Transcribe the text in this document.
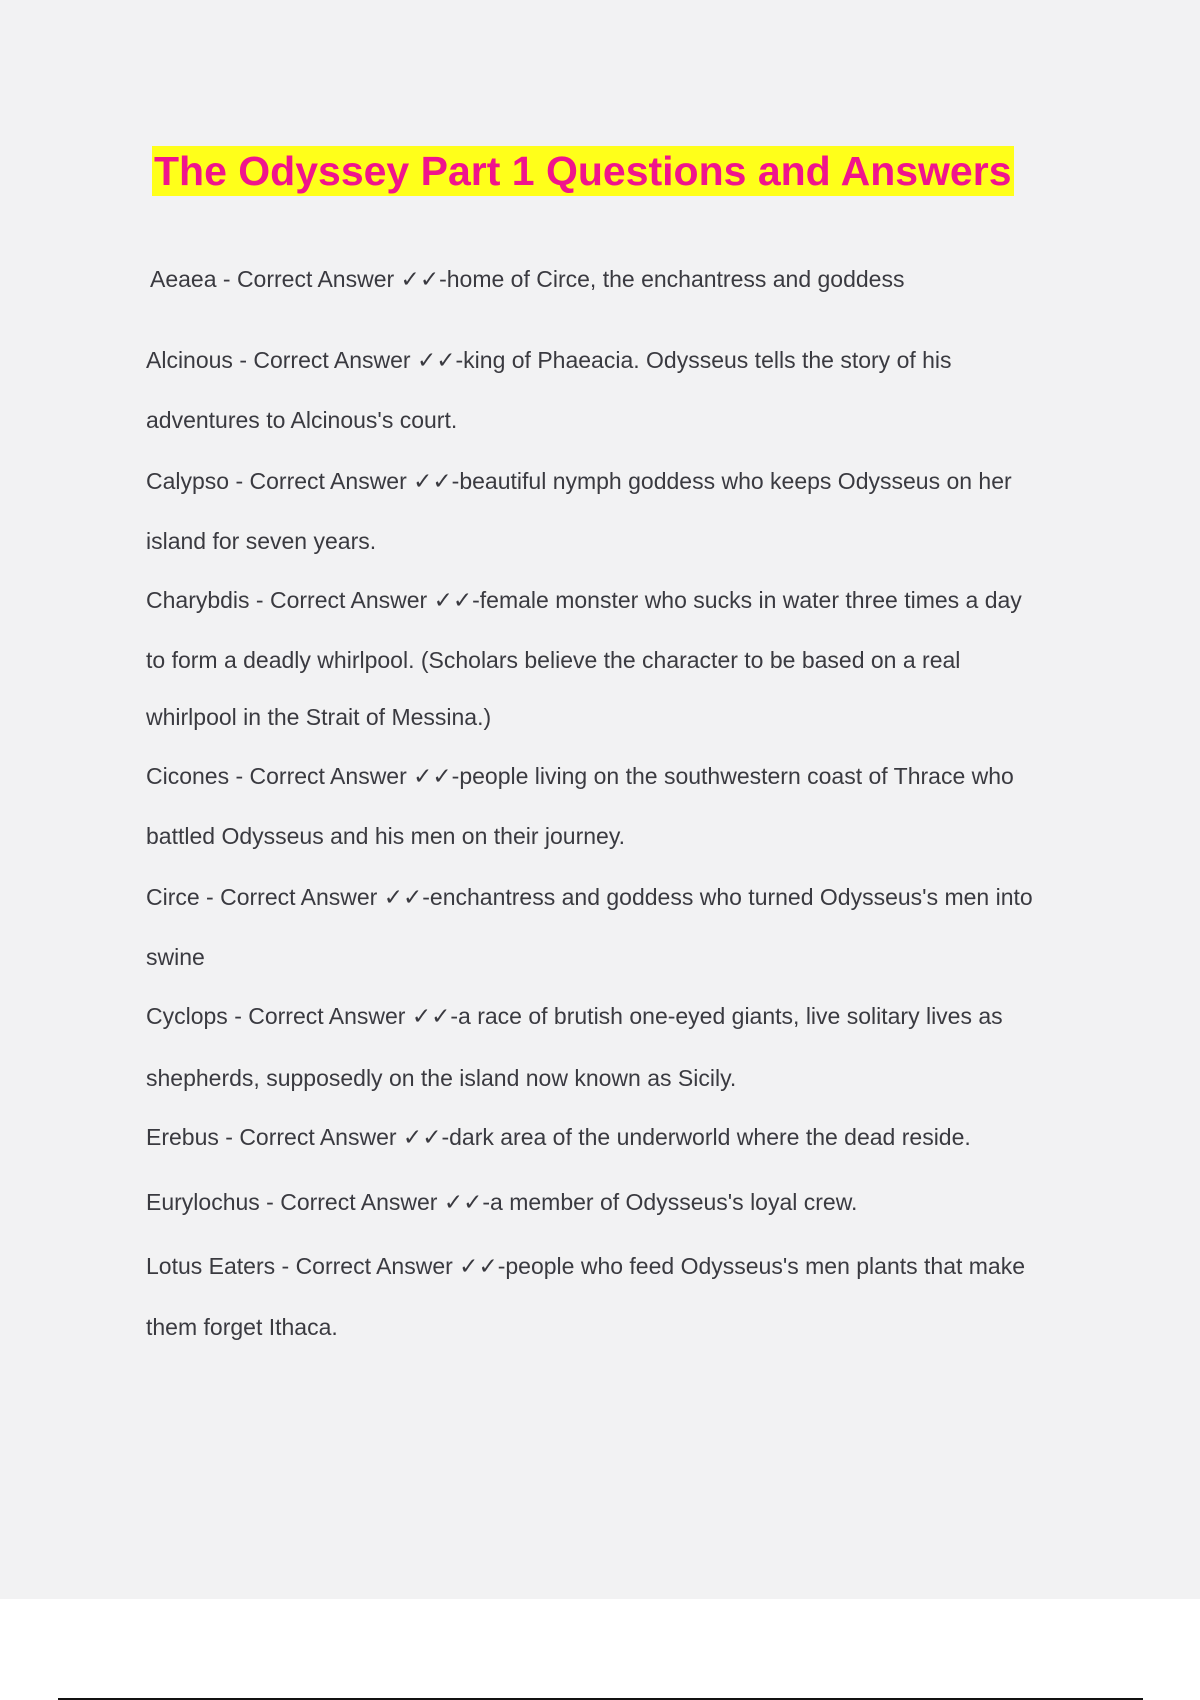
The Odyssey Part 1 Questions and Answers
Aeaea - Correct Answer ✓✓-home of Circe, the enchantress and goddess
Alcinous - Correct Answer ✓✓-king of Phaeacia. Odysseus tells the story of his
adventures to Alcinous's court.
Calypso - Correct Answer ✓✓-beautiful nymph goddess who keeps Odysseus on her
island for seven years.
Charybdis - Correct Answer ✓✓-female monster who sucks in water three times a day
to form a deadly whirlpool. (Scholars believe the character to be based on a real
whirlpool in the Strait of Messina.)
Cicones - Correct Answer ✓✓-people living on the southwestern coast of Thrace who
battled Odysseus and his men on their journey.
Circe - Correct Answer ✓✓-enchantress and goddess who turned Odysseus's men into
swine
Cyclops - Correct Answer ✓✓-a race of brutish one-eyed giants, live solitary lives as
shepherds, supposedly on the island now known as Sicily.
Erebus - Correct Answer ✓✓-dark area of the underworld where the dead reside.
Eurylochus - Correct Answer ✓✓-a member of Odysseus's loyal crew.
Lotus Eaters - Correct Answer ✓✓-people who feed Odysseus's men plants that make
them forget Ithaca.
